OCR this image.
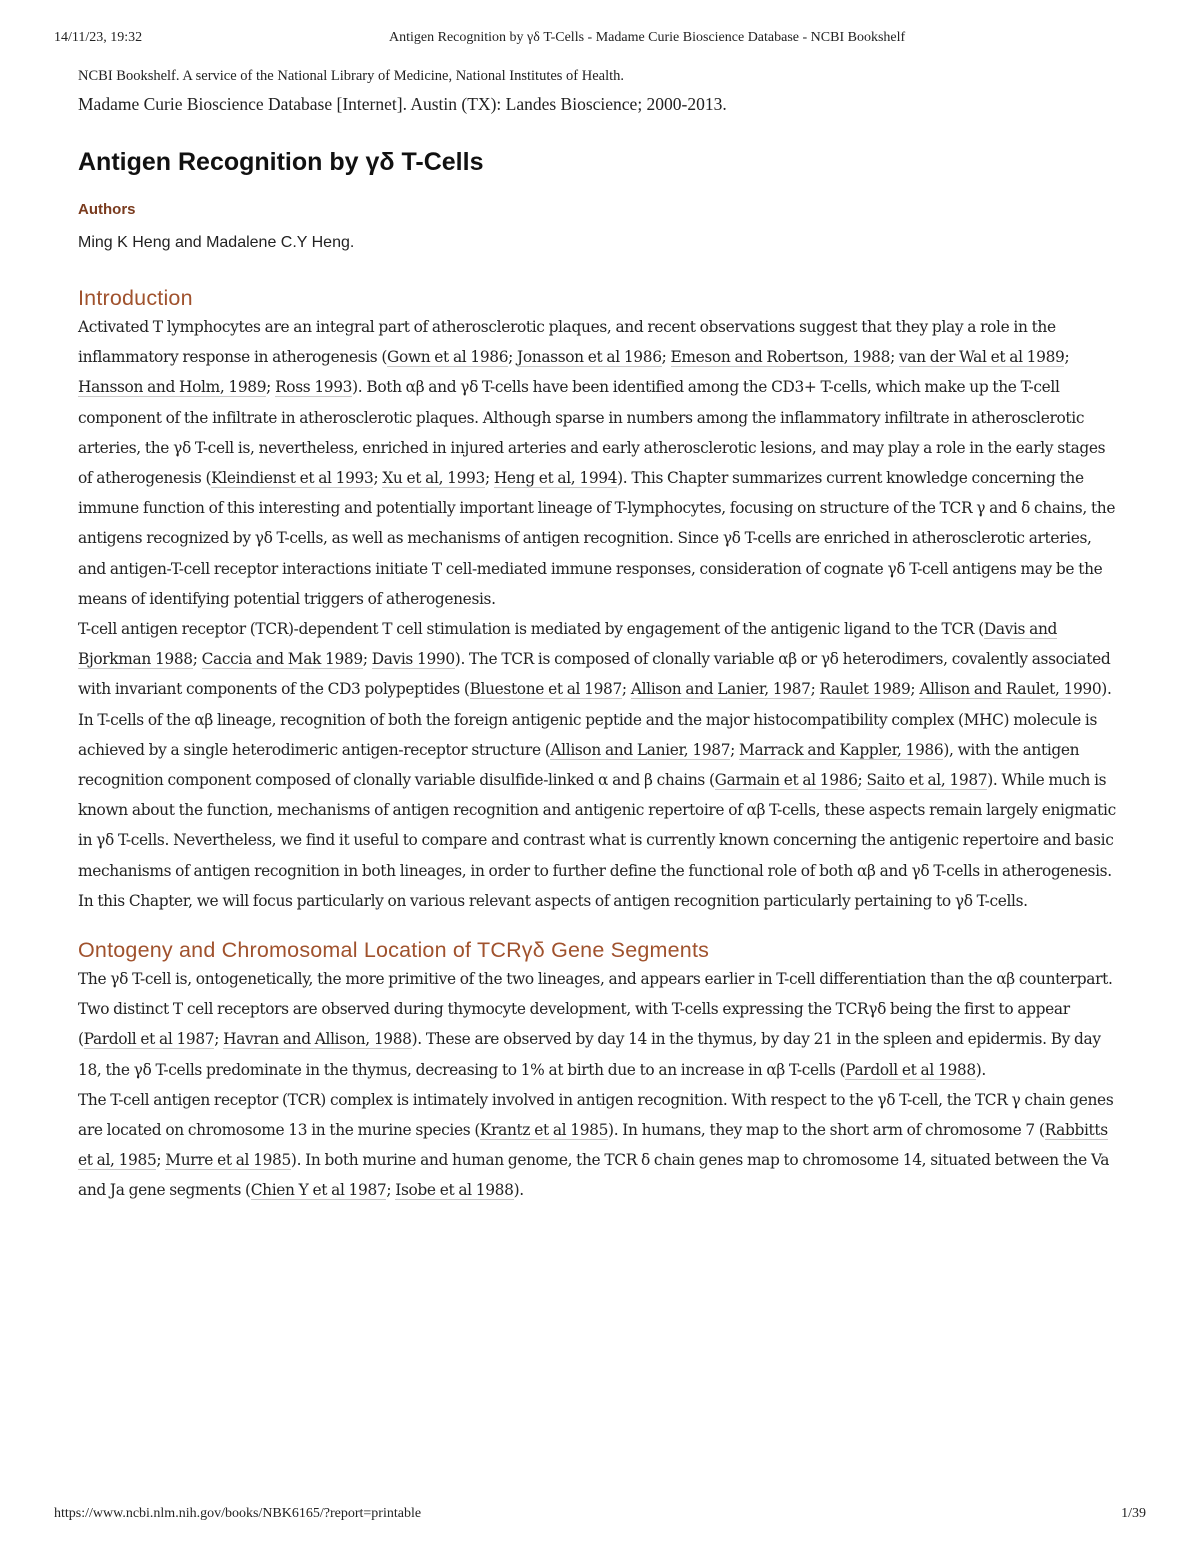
14/11/23, 19:32	Antigen Recognition by γδ T-Cells - Madame Curie Bioscience Database - NCBI Bookshelf

NCBI Bookshelf. A service of the National Library of Medicine, National Institutes of Health.

Madame Curie Bioscience Database [Internet]. Austin (TX): Landes Bioscience; 2000-2013.

Antigen Recognition by γδ T-Cells
Authors
Ming K Heng and Madalene C.Y Heng.
Introduction

Activated T lymphocytes are an integral part of atherosclerotic plaques, and recent observations suggest that they play a role in the inflammatory response in atherogenesis (Gown et al 1986; Jonasson et al 1986; Emeson and Robertson, 1988; van der Wal et al 1989; Hansson and Holm, 1989; Ross 1993). Both αβ and γδ T-cells have been identified among the CD3+ T-cells, which make up the T-cell component of the infiltrate in atherosclerotic plaques. Although sparse in numbers among the inflammatory infiltrate in atherosclerotic arteries, the γδ T-cell is, nevertheless, enriched in injured arteries and early atherosclerotic lesions, and may play a role in the early stages of atherogenesis (Kleindienst et al 1993; Xu et al, 1993; Heng et al, 1994). This Chapter summarizes current knowledge concerning the immune function of this interesting and potentially important lineage of T-lymphocytes, focusing on structure of the TCR γ and δ chains, the antigens recognized by γδ T-cells, as well as mechanisms of antigen recognition. Since γδ T-cells are enriched in atherosclerotic arteries, and antigen-T-cell receptor interactions initiate T cell-mediated immune responses, consideration of cognate γδ T-cell antigens may be the means of identifying potential triggers of atherogenesis.

T-cell antigen receptor (TCR)-dependent T cell stimulation is mediated by engagement of the antigenic ligand to the TCR (Davis and Bjorkman 1988; Caccia and Mak 1989; Davis 1990). The TCR is composed of clonally variable αβ or γδ heterodimers, covalently associated with invariant components of the CD3 polypeptides (Bluestone et al 1987; Allison and Lanier, 1987; Raulet 1989; Allison and Raulet, 1990). In T-cells of the αβ lineage, recognition of both the foreign antigenic peptide and the major histocompatibility complex (MHC) molecule is achieved by a single heterodimeric antigen-receptor structure (Allison and Lanier, 1987; Marrack and Kappler, 1986), with the antigen recognition component composed of clonally variable disulfide-linked α and β chains (Garmain et al 1986; Saito et al, 1987). While much is known about the function, mechanisms of antigen recognition and antigenic repertoire of αβ T-cells, these aspects remain largely enigmatic in γδ T-cells. Nevertheless, we find it useful to compare and contrast what is currently known concerning the antigenic repertoire and basic mechanisms of antigen recognition in both lineages, in order to further define the functional role of both αβ and γδ T-cells in atherogenesis. In this Chapter, we will focus particularly on various relevant aspects of antigen recognition particularly pertaining to γδ T-cells.

Ontogeny and Chromosomal Location of TCRγδ Gene Segments

The γδ T-cell is, ontogenetically, the more primitive of the two lineages, and appears earlier in T-cell differentiation than the αβ counterpart. Two distinct T cell receptors are observed during thymocyte development, with T-cells expressing the TCRγδ being the first to appear (Pardoll et al 1987; Havran and Allison, 1988). These are observed by day 14 in the thymus, by day 21 in the spleen and epidermis. By day 18, the γδ T-cells predominate in the thymus, decreasing to 1% at birth due to an increase in αβ T-cells (Pardoll et al 1988).

The T-cell antigen receptor (TCR) complex is intimately involved in antigen recognition. With respect to the γδ T-cell, the TCR γ chain genes are located on chromosome 13 in the murine species (Krantz et al 1985). In humans, they map to the short arm of chromosome 7 (Rabbitts et al, 1985; Murre et al 1985). In both murine and human genome, the TCR δ chain genes map to chromosome 14, situated between the Va and Ja gene segments (Chien Y et al 1987; Isobe et al 1988).

https://www.ncbi.nlm.nih.gov/books/NBK6165/?report=printable	1/39
